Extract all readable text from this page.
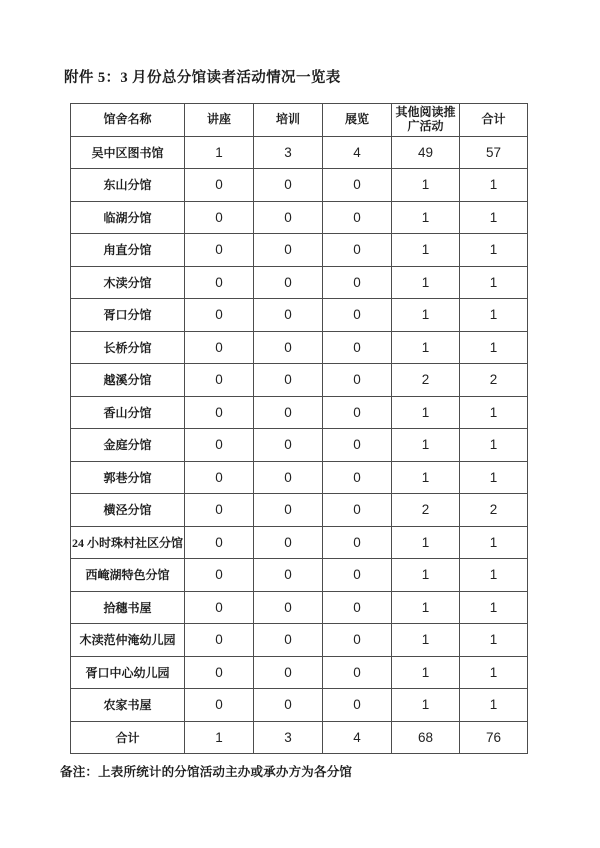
附件 5：3 月份总分馆读者活动情况一览表
馆舍名称	讲座	培训	展览	其他阅读推广活动	合计
吴中区图书馆	1	3	4	49	57
东山分馆	0	0	0	1	1
临湖分馆	0	0	0	1	1
甪直分馆	0	0	0	1	1
木渎分馆	0	0	0	1	1
胥口分馆	0	0	0	1	1
长桥分馆	0	0	0	1	1
越溪分馆	0	0	0	2	2
香山分馆	0	0	0	1	1
金庭分馆	0	0	0	1	1
郭巷分馆	0	0	0	1	1
横泾分馆	0	0	0	2	2
24 小时珠村社区分馆	0	0	0	1	1
西崦湖特色分馆	0	0	0	1	1
拾穗书屋	0	0	0	1	1
木渎范仲淹幼儿园	0	0	0	1	1
胥口中心幼儿园	0	0	0	1	1
农家书屋	0	0	0	1	1
合计	1	3	4	68	76
备注：上表所统计的分馆活动主办或承办方为各分馆
